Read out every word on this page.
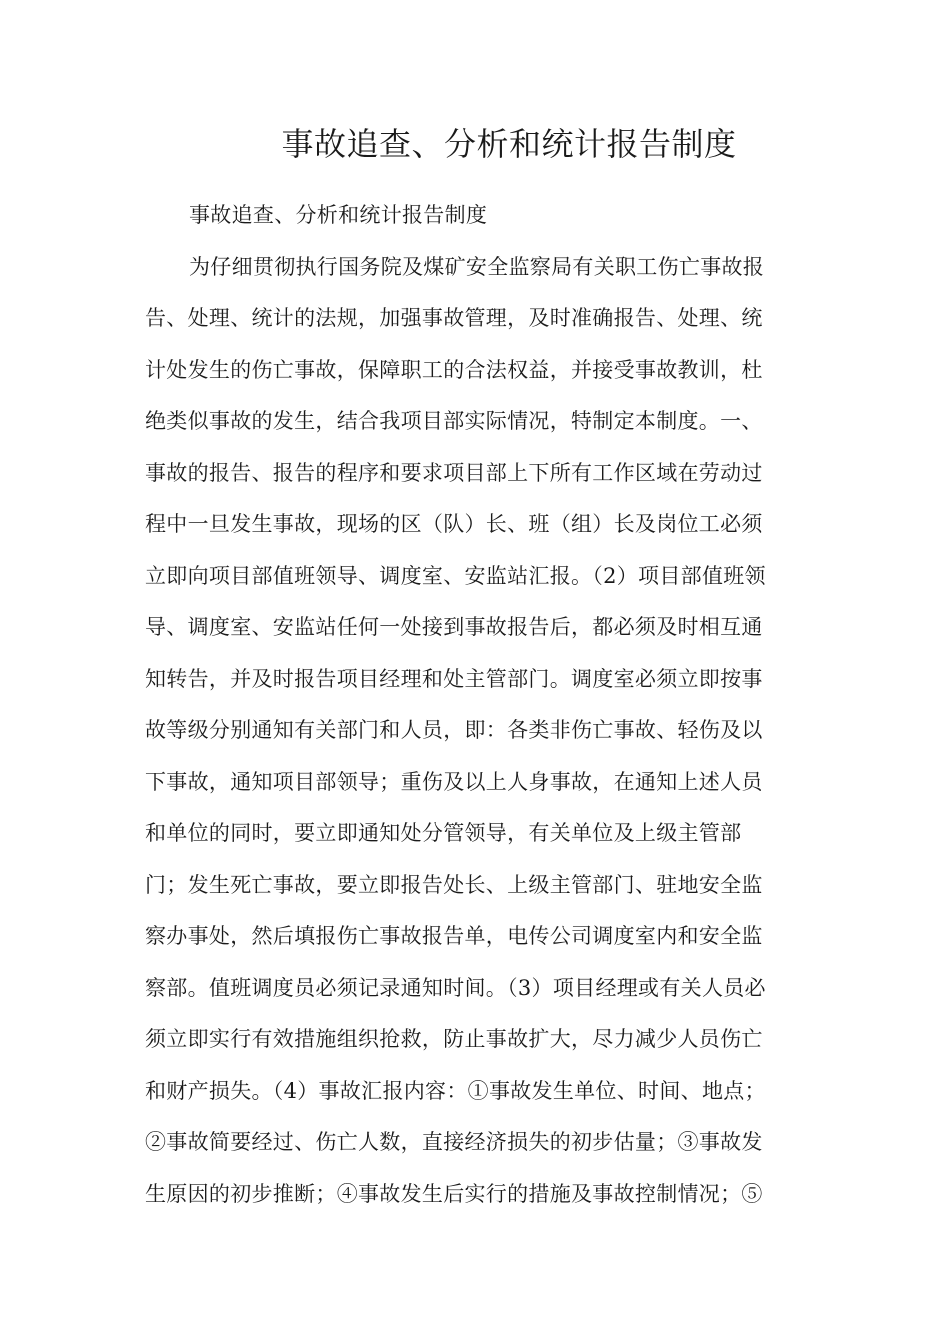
事故追查、分析和统计报告制度
事故追查、分析和统计报告制度
为仔细贯彻执行国务院及煤矿安全监察局有关职工伤亡事故报
告、处理、统计的法规，加强事故管理，及时准确报告、处理、统
计处发生的伤亡事故，保障职工的合法权益，并接受事故教训，杜
绝类似事故的发生，结合我项目部实际情况，特制定本制度。一、
事故的报告、报告的程序和要求项目部上下所有工作区域在劳动过
程中一旦发生事故，现场的区（队）长、班（组）长及岗位工必须
立即向项目部值班领导、调度室、安监站汇报。（2）项目部值班领
导、调度室、安监站任何一处接到事故报告后，都必须及时相互通
知转告，并及时报告项目经理和处主管部门。调度室必须立即按事
故等级分别通知有关部门和人员，即：各类非伤亡事故、轻伤及以
下事故，通知项目部领导；重伤及以上人身事故，在通知上述人员
和单位的同时，要立即通知处分管领导，有关单位及上级主管部
门；发生死亡事故，要立即报告处长、上级主管部门、驻地安全监
察办事处，然后填报伤亡事故报告单，电传公司调度室内和安全监
察部。值班调度员必须记录通知时间。（3）项目经理或有关人员必
须立即实行有效措施组织抢救，防止事故扩大，尽力减少人员伤亡
和财产损失。（4）事故汇报内容：①事故发生单位、时间、地点；
②事故简要经过、伤亡人数，直接经济损失的初步估量；③事故发
生原因的初步推断；④事故发生后实行的措施及事故控制情况；⑤
